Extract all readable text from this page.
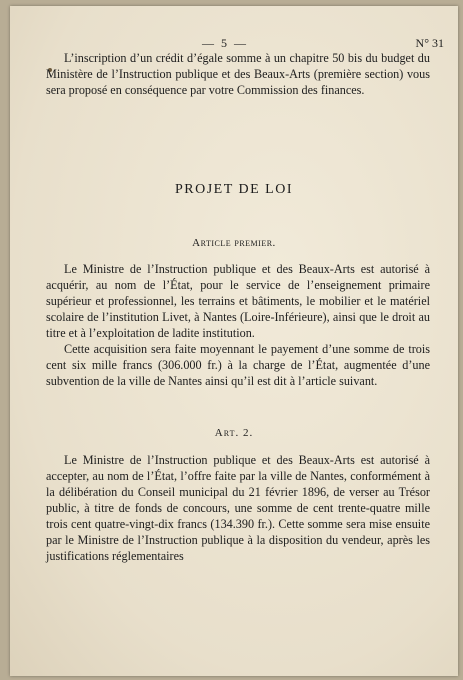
— 5 —	N° 31

L’inscription d’un crédit d’égale somme à un chapitre 50 bis du budget du Ministère de l’Instruction publique et des Beaux-Arts (première section) vous sera proposé en conséquence par votre Commission des finances.

PROJET DE LOI
Article premier.

Le Ministre de l’Instruction publique et des Beaux-Arts est autorisé à acquérir, au nom de l’État, pour le service de l’enseignement primaire supérieur et professionnel, les terrains et bâtiments, le mobilier et le matériel scolaire de l’institution Livet, à Nantes (Loire-Inférieure), ainsi que le droit au titre et à l’exploitation de ladite institution.

Cette acquisition sera faite moyennant le payement d’une somme de trois cent six mille francs (306.000 fr.) à la charge de l’État, augmentée d’une subvention de la ville de Nantes ainsi qu’il est dit à l’article suivant.

Art. 2.

Le Ministre de l’Instruction publique et des Beaux-Arts est autorisé à accepter, au nom de l’État, l’offre faite par la ville de Nantes, conformément à la délibération du Conseil municipal du 21 février 1896, de verser au Trésor public, à titre de fonds de concours, une somme de cent trente-quatre mille trois cent quatre-vingt-dix francs (134.390 fr.). Cette somme sera mise ensuite par le Ministre de l’Instruction publique à la disposition du vendeur, après les justifications réglementaires
